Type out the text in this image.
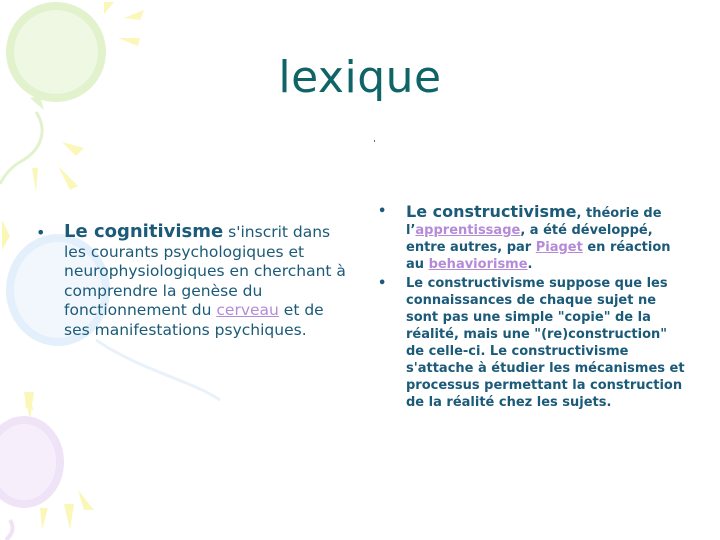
lexique
• Le cognitivisme s'inscrit dans les courants psychologiques et neurophysiologiques en cherchant à comprendre la genèse du fonctionnement du cerveau et de ses manifestations psychiques.
• Le constructivisme, théorie de l’apprentissage, a été développé, entre autres, par Piaget en réaction au behaviorisme.
• Le constructivisme suppose que les connaissances de chaque sujet ne sont pas une simple "copie" de la réalité, mais une "(re)construction" de celle-ci. Le constructivisme s'attache à étudier les mécanismes et processus permettant la construction de la réalité chez les sujets.
